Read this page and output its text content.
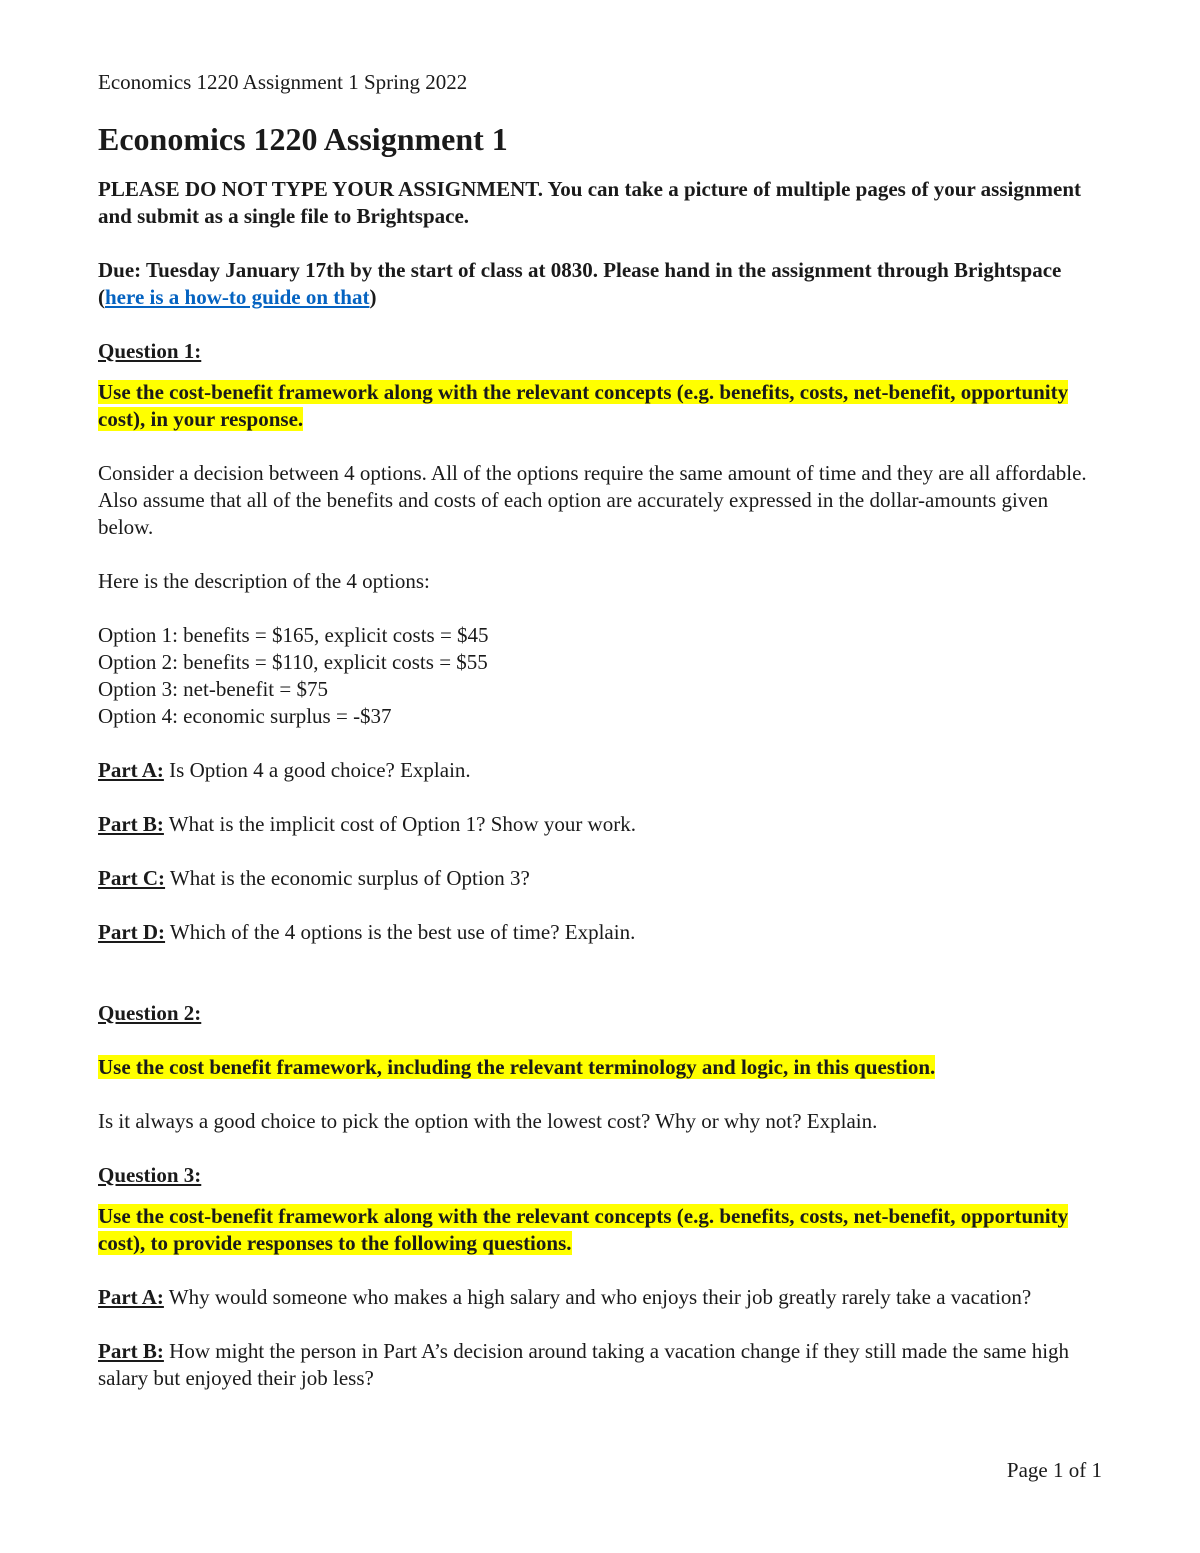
Economics 1220 Assignment 1 Spring 2022

Economics 1220 Assignment 1

PLEASE DO NOT TYPE YOUR ASSIGNMENT. You can take a picture of multiple pages of your assignment and submit as a single file to Brightspace.

Due: Tuesday January 17th by the start of class at 0830. Please hand in the assignment through Brightspace (here is a how-to guide on that)

Question 1:

Use the cost-benefit framework along with the relevant concepts (e.g. benefits, costs, net-benefit, opportunity cost), in your response.

Consider a decision between 4 options. All of the options require the same amount of time and they are all affordable. Also assume that all of the benefits and costs of each option are accurately expressed in the dollar-amounts given below.

Here is the description of the 4 options:

Option 1: benefits = $165, explicit costs = $45

Option 2: benefits = $110, explicit costs = $55

Option 3: net-benefit = $75

Option 4: economic surplus = -$37

Part A: Is Option 4 a good choice? Explain.

Part B: What is the implicit cost of Option 1? Show your work.

Part C: What is the economic surplus of Option 3?

Part D: Which of the 4 options is the best use of time? Explain.

Question 2:

Use the cost benefit framework, including the relevant terminology and logic, in this question.

Is it always a good choice to pick the option with the lowest cost? Why or why not? Explain.

Question 3:

Use the cost-benefit framework along with the relevant concepts (e.g. benefits, costs, net-benefit, opportunity cost), to provide responses to the following questions.

Part A: Why would someone who makes a high salary and who enjoys their job greatly rarely take a vacation?

Part B: How might the person in Part A’s decision around taking a vacation change if they still made the same high salary but enjoyed their job less?

Page 1 of 1
